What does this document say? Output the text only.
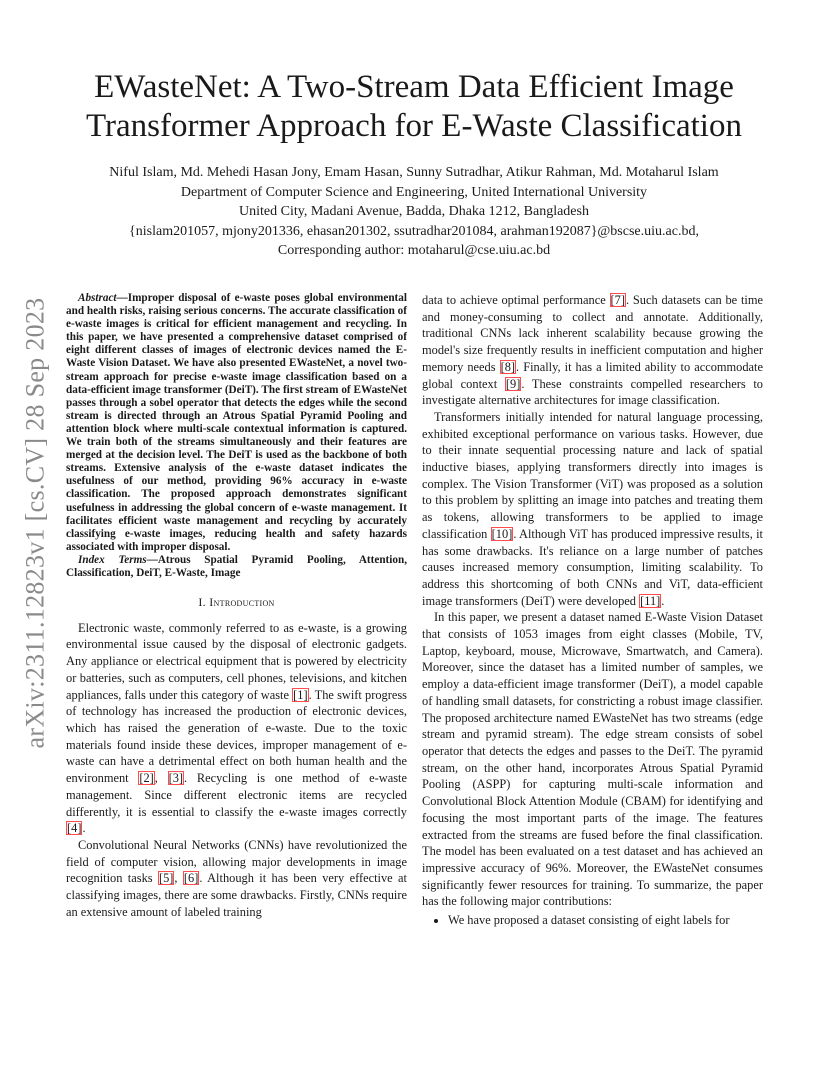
arXiv:2311.12823v1 [cs.CV] 28 Sep 2023
EWasteNet: A Two-Stream Data Efficient Image
Transformer Approach for E-Waste Classification
Niful Islam, Md. Mehedi Hasan Jony, Emam Hasan, Sunny Sutradhar, Atikur Rahman, Md. Motaharul Islam
Department of Computer Science and Engineering, United International University
United City, Madani Avenue, Badda, Dhaka 1212, Bangladesh
{nislam201057, mjony201336, ehasan201302, ssutradhar201084, arahman192087}@bscse.uiu.ac.bd,
Corresponding author: motaharul@cse.uiu.ac.bd

Abstract—Improper disposal of e-waste poses global environmental and health risks, raising serious concerns. The accurate classification of e-waste images is critical for efficient management and recycling. In this paper, we have presented a comprehensive dataset comprised of eight different classes of images of electronic devices named the E-Waste Vision Dataset. We have also presented EWasteNet, a novel two-stream approach for precise e-waste image classification based on a data-efficient image transformer (DeiT). The first stream of EWasteNet passes through a sobel operator that detects the edges while the second stream is directed through an Atrous Spatial Pyramid Pooling and attention block where multi-scale contextual information is captured. We train both of the streams simultaneously and their features are merged at the decision level. The DeiT is used as the backbone of both streams. Extensive analysis of the e-waste dataset indicates the usefulness of our method, providing 96% accuracy in e-waste classification. The proposed approach demonstrates significant usefulness in addressing the global concern of e-waste management. It facilitates efficient waste management and recycling by accurately classifying e-waste images, reducing health and safety hazards associated with improper disposal.

Index Terms—Atrous Spatial Pyramid Pooling, Attention, Classification, DeiT, E-Waste, Image

I. Introduction

Electronic waste, commonly referred to as e-waste, is a growing environmental issue caused by the disposal of electronic gadgets. Any appliance or electrical equipment that is powered by electricity or batteries, such as computers, cell phones, televisions, and kitchen appliances, falls under this category of waste [1]. The swift progress of technology has increased the production of electronic devices, which has raised the generation of e-waste. Due to the toxic materials found inside these devices, improper management of e-waste can have a detrimental effect on both human health and the environment [2], [3]. Recycling is one method of e-waste management. Since different electronic items are recycled differently, it is essential to classify the e-waste images correctly [4].

Convolutional Neural Networks (CNNs) have revolutionized the field of computer vision, allowing major developments in image recognition tasks [5], [6]. Although it has been very effective at classifying images, there are some drawbacks. Firstly, CNNs require an extensive amount of labeled training

data to achieve optimal performance [7]. Such datasets can be time and money-consuming to collect and annotate. Additionally, traditional CNNs lack inherent scalability because growing the model's size frequently results in inefficient computation and higher memory needs [8]. Finally, it has a limited ability to accommodate global context [9]. These constraints compelled researchers to investigate alternative architectures for image classification.

Transformers initially intended for natural language processing, exhibited exceptional performance on various tasks. However, due to their innate sequential processing nature and lack of spatial inductive biases, applying transformers directly into images is complex. The Vision Transformer (ViT) was proposed as a solution to this problem by splitting an image into patches and treating them as tokens, allowing transformers to be applied to image classification [10]. Although ViT has produced impressive results, it has some drawbacks. It's reliance on a large number of patches causes increased memory consumption, limiting scalability. To address this shortcoming of both CNNs and ViT, data-efficient image transformers (DeiT) were developed [11].

In this paper, we present a dataset named E-Waste Vision Dataset that consists of 1053 images from eight classes (Mobile, TV, Laptop, keyboard, mouse, Microwave, Smartwatch, and Camera). Moreover, since the dataset has a limited number of samples, we employ a data-efficient image transformer (DeiT), a model capable of handling small datasets, for constricting a robust image classifier. The proposed architecture named EWasteNet has two streams (edge stream and pyramid stream). The edge stream consists of sobel operator that detects the edges and passes to the DeiT. The pyramid stream, on the other hand, incorporates Atrous Spatial Pyramid Pooling (ASPP) for capturing multi-scale information and Convolutional Block Attention Module (CBAM) for identifying and focusing the most important parts of the image. The features extracted from the streams are fused before the final classification. The model has been evaluated on a test dataset and has achieved an impressive accuracy of 96%. Moreover, the EWasteNet consumes significantly fewer resources for training. To summarize, the paper has the following major contributions:

• We have proposed a dataset consisting of eight labels for
